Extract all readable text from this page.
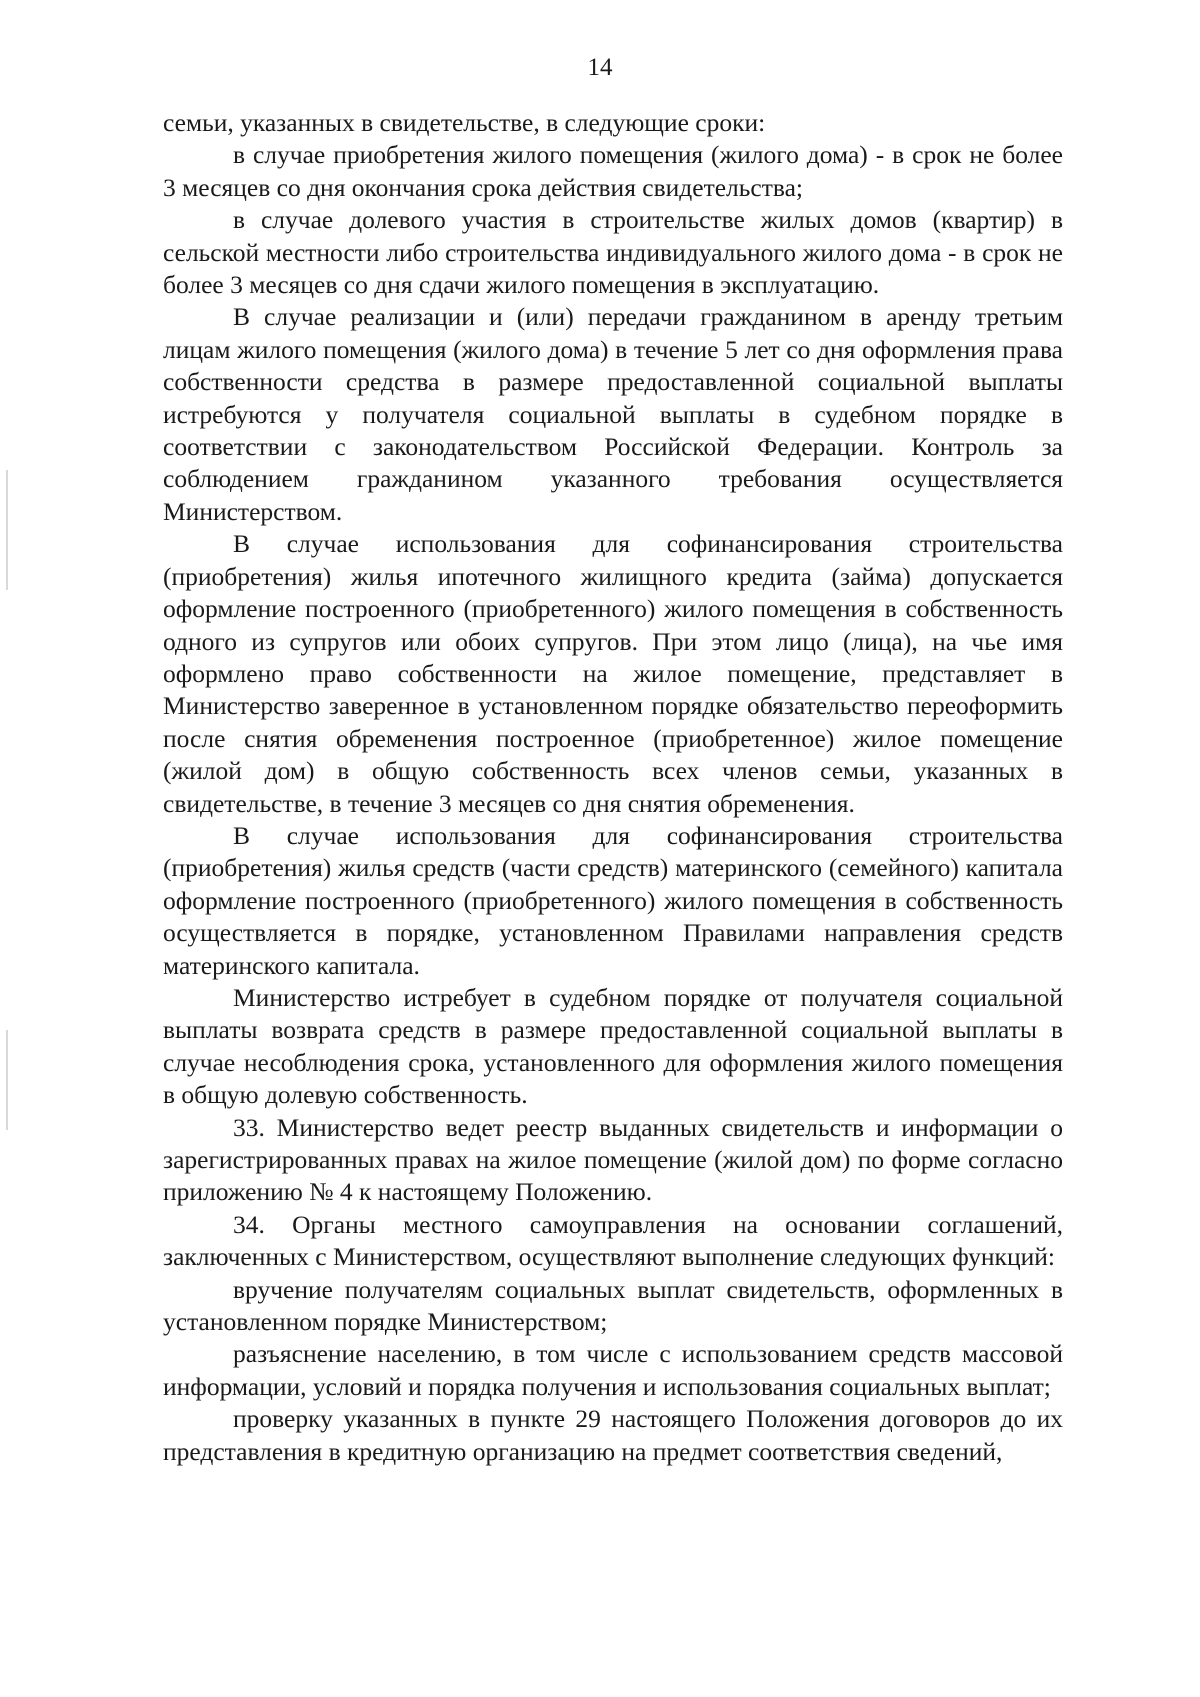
14

семьи, указанных в свидетельстве, в следующие сроки:

в случае приобретения жилого помещения (жилого дома) - в срок не более 3 месяцев со дня окончания срока действия свидетельства;

в случае долевого участия в строительстве жилых домов (квартир) в сельской местности либо строительства индивидуального жилого дома - в срок не более 3 месяцев со дня сдачи жилого помещения в эксплуатацию.

В случае реализации и (или) передачи гражданином в аренду третьим лицам жилого помещения (жилого дома) в течение 5 лет со дня оформления права собственности средства в размере предоставленной социальной выплаты истребуются у получателя социальной выплаты в судебном порядке в соответствии с законодательством Российской Федерации. Контроль за соблюдением гражданином указанного требования осуществляется Министерством.

В случае использования для софинансирования строительства (приобретения) жилья ипотечного жилищного кредита (займа) допускается оформление построенного (приобретенного) жилого помещения в собственность одного из супругов или обоих супругов. При этом лицо (лица), на чье имя оформлено право собственности на жилое помещение, представляет в Министерство заверенное в установленном порядке обязательство переоформить после снятия обременения построенное (приобретенное) жилое помещение (жилой дом) в общую собственность всех членов семьи, указанных в свидетельстве, в течение 3 месяцев со дня снятия обременения.

В случае использования для софинансирования строительства (приобретения) жилья средств (части средств) материнского (семейного) капитала оформление построенного (приобретенного) жилого помещения в собственность осуществляется в порядке, установленном Правилами направления средств материнского капитала.

Министерство истребует в судебном порядке от получателя социальной выплаты возврата средств в размере предоставленной социальной выплаты в случае несоблюдения срока, установленного для оформления жилого помещения в общую долевую собственность.

33. Министерство ведет реестр выданных свидетельств и информации о зарегистрированных правах на жилое помещение (жилой дом) по форме согласно приложению № 4 к настоящему Положению.

34. Органы местного самоуправления на основании соглашений, заключенных с Министерством, осуществляют выполнение следующих функций:

вручение получателям социальных выплат свидетельств, оформленных в установленном порядке Министерством;

разъяснение населению, в том числе с использованием средств массовой информации, условий и порядка получения и использования социальных выплат;

проверку указанных в пункте 29 настоящего Положения договоров до их представления в кредитную организацию на предмет соответствия сведений,
